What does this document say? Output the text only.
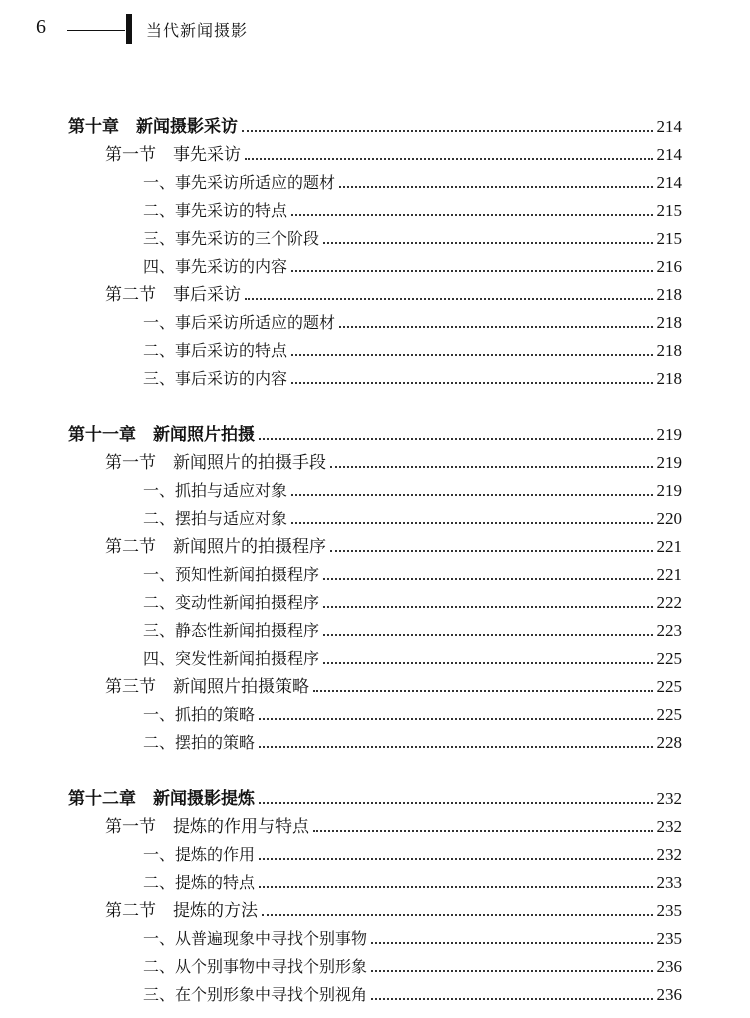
6	当代新闻摄影
第十章　新闻摄影采访	214
第一节　事先采访	214
一、事先采访所适应的题材	214
二、事先采访的特点	215
三、事先采访的三个阶段	215
四、事先采访的内容	216
第二节　事后采访	218
一、事后采访所适应的题材	218
二、事后采访的特点	218
三、事后采访的内容	218
第十一章　新闻照片拍摄	219
第一节　新闻照片的拍摄手段	219
一、抓拍与适应对象	219
二、摆拍与适应对象	220
第二节　新闻照片的拍摄程序	221
一、预知性新闻拍摄程序	221
二、变动性新闻拍摄程序	222
三、静态性新闻拍摄程序	223
四、突发性新闻拍摄程序	225
第三节　新闻照片拍摄策略	225
一、抓拍的策略	225
二、摆拍的策略	228
第十二章　新闻摄影提炼	232
第一节　提炼的作用与特点	232
一、提炼的作用	232
二、提炼的特点	233
第二节　提炼的方法	235
一、从普遍现象中寻找个别事物	235
二、从个别事物中寻找个别形象	236
三、在个别形象中寻找个别视角	236
